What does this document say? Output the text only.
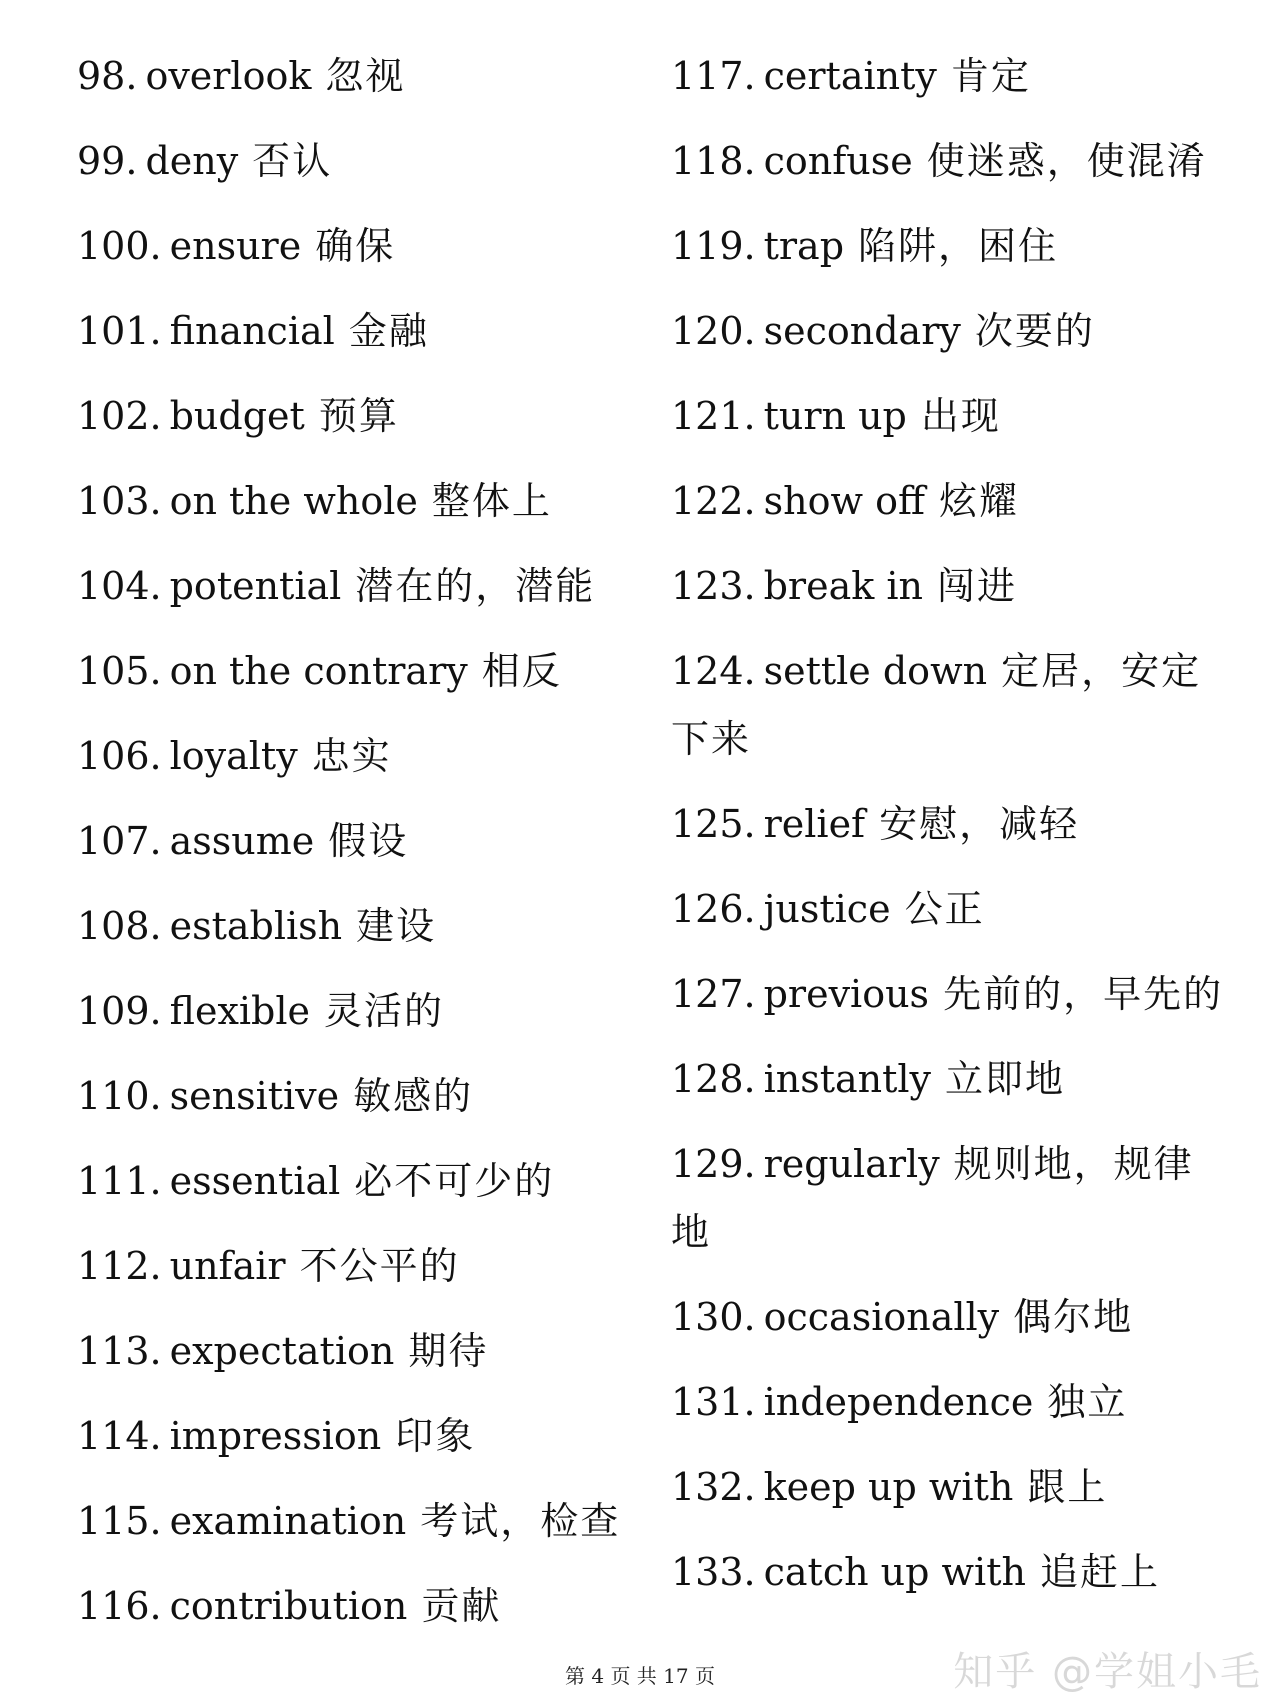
98. overlook 忽视
99. deny 否认
100. ensure 确保
101. financial 金融
102. budget 预算
103. on the whole 整体上
104. potential 潜在的，潜能
105. on the contrary 相反
106. loyalty 忠实
107. assume 假设
108. establish 建设
109. flexible 灵活的
110. sensitive 敏感的
111. essential 必不可少的
112. unfair 不公平的
113. expectation 期待
114. impression 印象
115. examination 考试，检查
116. contribution 贡献
117. certainty 肯定
118. confuse 使迷惑，使混淆
119. trap 陷阱，困住
120. secondary 次要的
121. turn up 出现
122. show off 炫耀
123. break in 闯进
124. settle down 定居，安定下来
125. relief 安慰，减轻
126. justice 公正
127. previous 先前的，早先的
128. instantly 立即地
129. regularly 规则地，规律地
130. occasionally 偶尔地
131. independence 独立
132. keep up with 跟上
133. catch up with 追赶上
第 4 页 共 17 页	知乎 @学姐小毛
